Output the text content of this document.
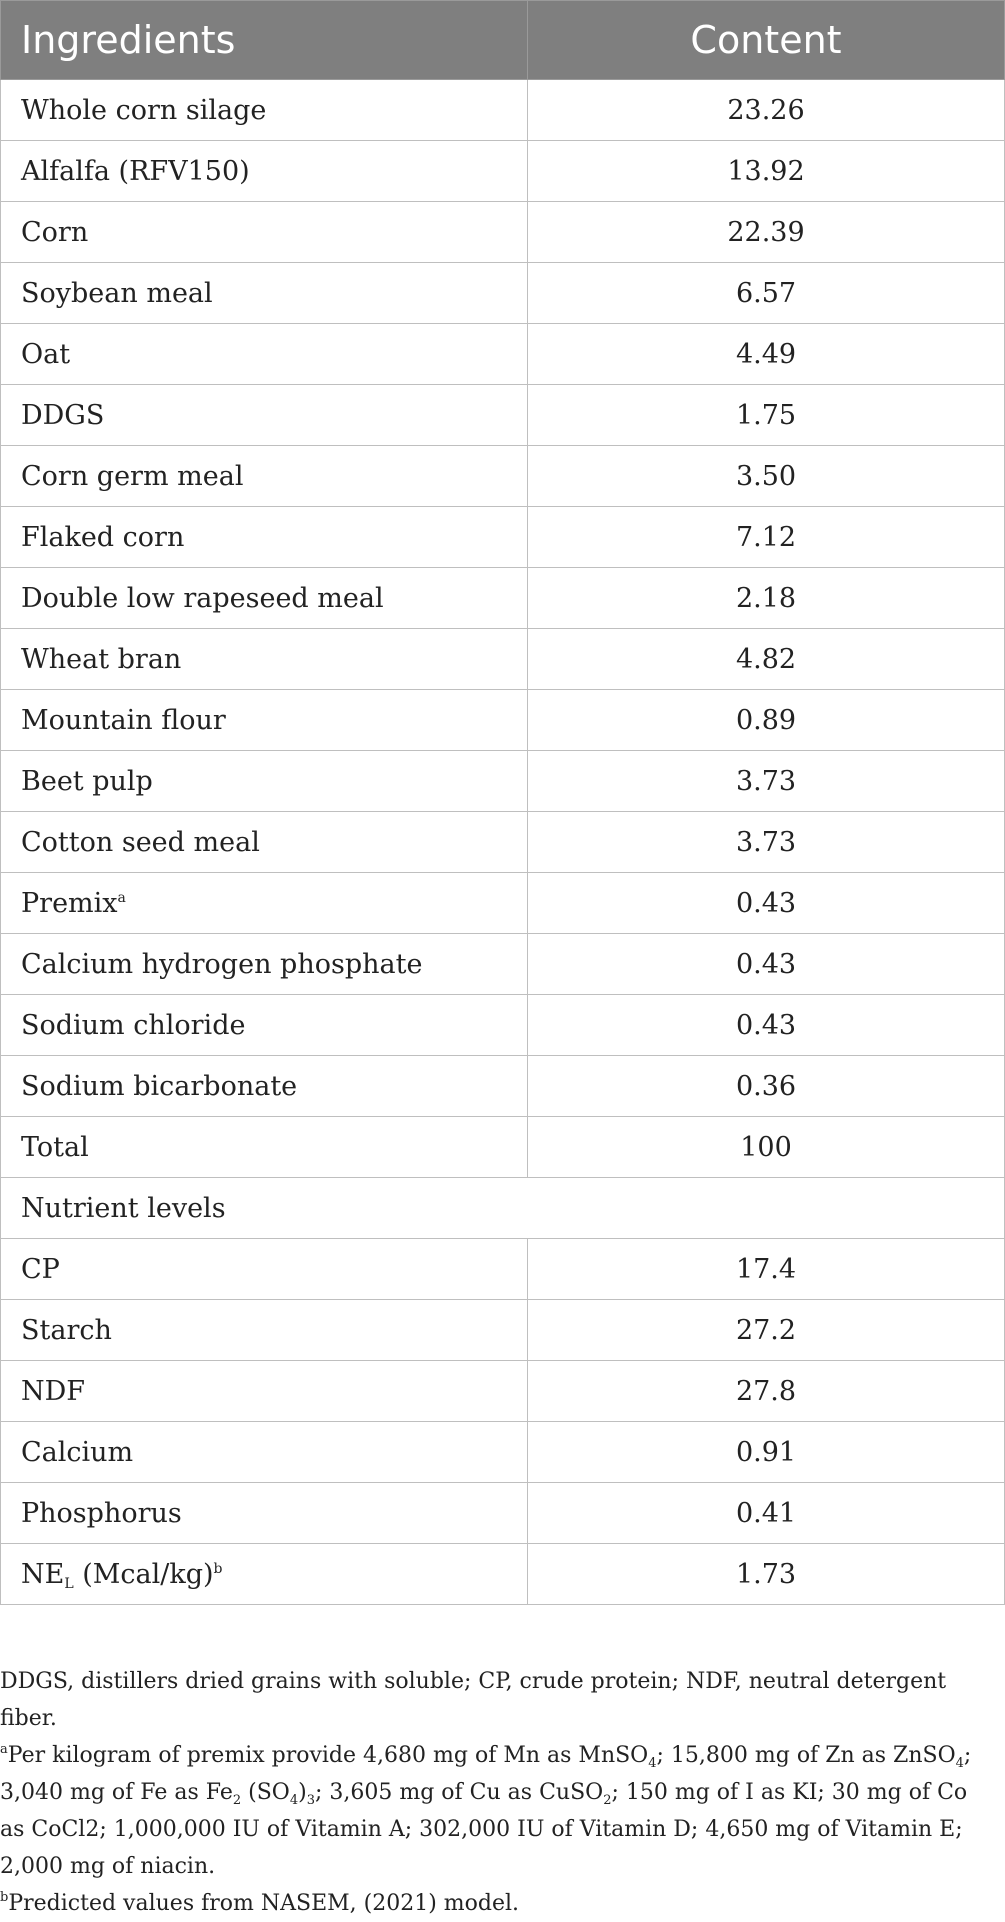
Ingredients	Content
Whole corn silage	23.26
Alfalfa (RFV150)	13.92
Corn	22.39
Soybean meal	6.57
Oat	4.49
DDGS	1.75
Corn germ meal	3.50
Flaked corn	7.12
Double low rapeseed meal	2.18
Wheat bran	4.82
Mountain flour	0.89
Beet pulp	3.73
Cotton seed meal	3.73
Premix$^a$	0.43
Calcium hydrogen phosphate	0.43
Sodium chloride	0.43
Sodium bicarbonate	0.36
Total	100
Nutrient levels	
CP	17.4
Starch	27.2
NDF	27.8
Calcium	0.91
Phosphorus	0.41
$NE_L$ (Mcal/kg)$^b$	1.73

DDGS, distillers dried grains with soluble; CP, crude protein; NDF, neutral detergent fiber.

$^a$Per kilogram of premix provide 4,680 mg of Mn as MnSO$_4$; 15,800 mg of Zn as ZnSO$_4$; 3,040 mg of Fe as $Fe_2$ $(SO_4)_3$; 3,605 mg of Cu as CuSO$_2$; 150 mg of I as KI; 30 mg of Co as CoCl2; 1,000,000 IU of Vitamin A; 302,000 IU of Vitamin D; 4,650 mg of Vitamin E; 2,000 mg of niacin.

$^b$Predicted values from NASEM, (2021) model.
